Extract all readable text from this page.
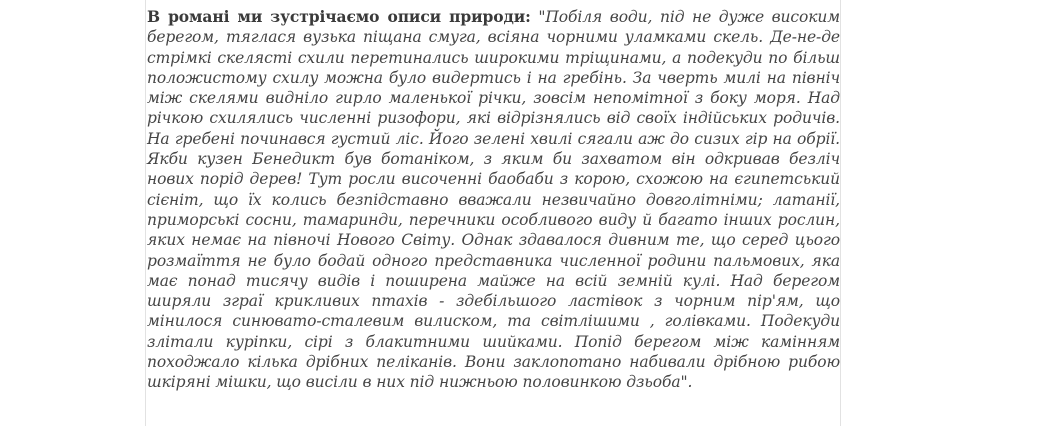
В романі ми зустрічаємо описи природи: "Побіля води, під не дуже високим берегом, тяглася вузька піщана смуга, всіяна чорними уламками скель. Де-не-де стрімкі скелясті схили перетинались широкими тріщинами, а подекуди по більш положистому схилу можна було видертись і на гребінь. За чверть милі на північ між скелями видніло гирло маленької річки, зовсім непомітної з боку моря. Над річкою схилялись численні ризофори, які відрізнялись від своїх індійських родичів. На гребені починався густий ліс. Його зелені хвилі сягали аж до сизих гір на обрії. Якби кузен Бенедикт був ботаніком, з яким би захватом він одкривав безліч нових порід дерев! Тут росли височенні баобаби з корою, схожою на єгипетський сієніт, що їх колись безпідставно вважали незвичайно довголітніми; латанії, приморські сосни, тамаринди, перечники особливого виду й багато інших рослин, яких немає на півночі Нового Світу. Однак здавалося дивним те, що серед цього розмаїття не було бодай одного представника численної родини пальмових, яка має понад тисячу видів і поширена майже на всій земній кулі. Над берегом ширяли зграї крикливих птахів - здебільшого ластівок з чорним пір'ям, що мінилося синювато-сталевим вилиском, та світлішими , голівками. Подекуди злітали куріпки, сірі з блакитними шийками. Попід берегом між камінням походжало кілька дрібних пеліканів. Вони заклопотано набивали дрібною рибою шкіряні мішки, що висіли в них під нижньою половинкою дзьоба".
